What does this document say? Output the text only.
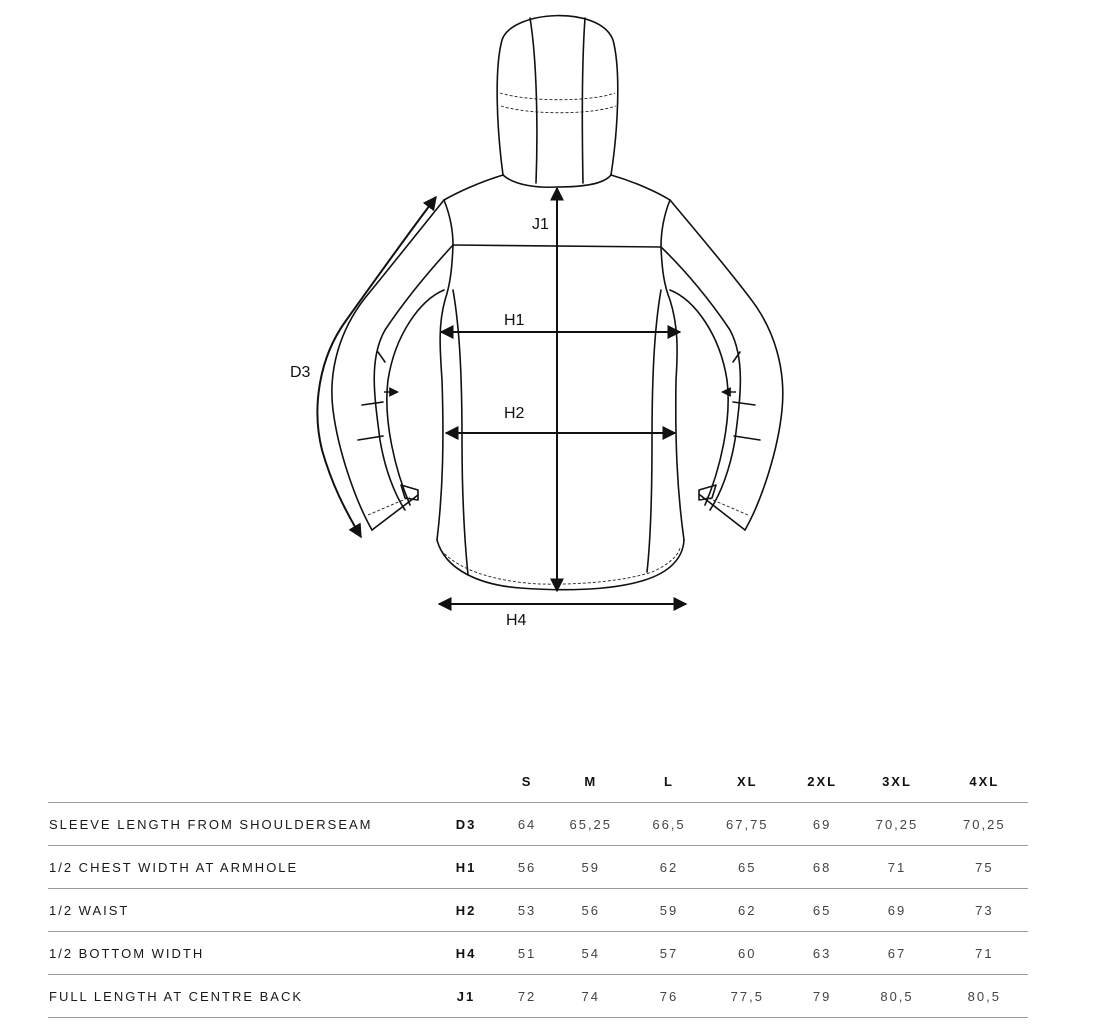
J1
H1
H2
H4
D3
		S	M	L	XL	2XL	3XL	4XL
SLEEVE LENGTH FROM SHOULDERSEAM	D3	64	65,25	66,5	67,75	69	70,25	70,25
1/2 CHEST WIDTH AT ARMHOLE	H1	56	59	62	65	68	71	75
1/2 WAIST	H2	53	56	59	62	65	69	73
1/2 BOTTOM WIDTH	H4	51	54	57	60	63	67	71
FULL LENGTH AT CENTRE BACK	J1	72	74	76	77,5	79	80,5	80,5
